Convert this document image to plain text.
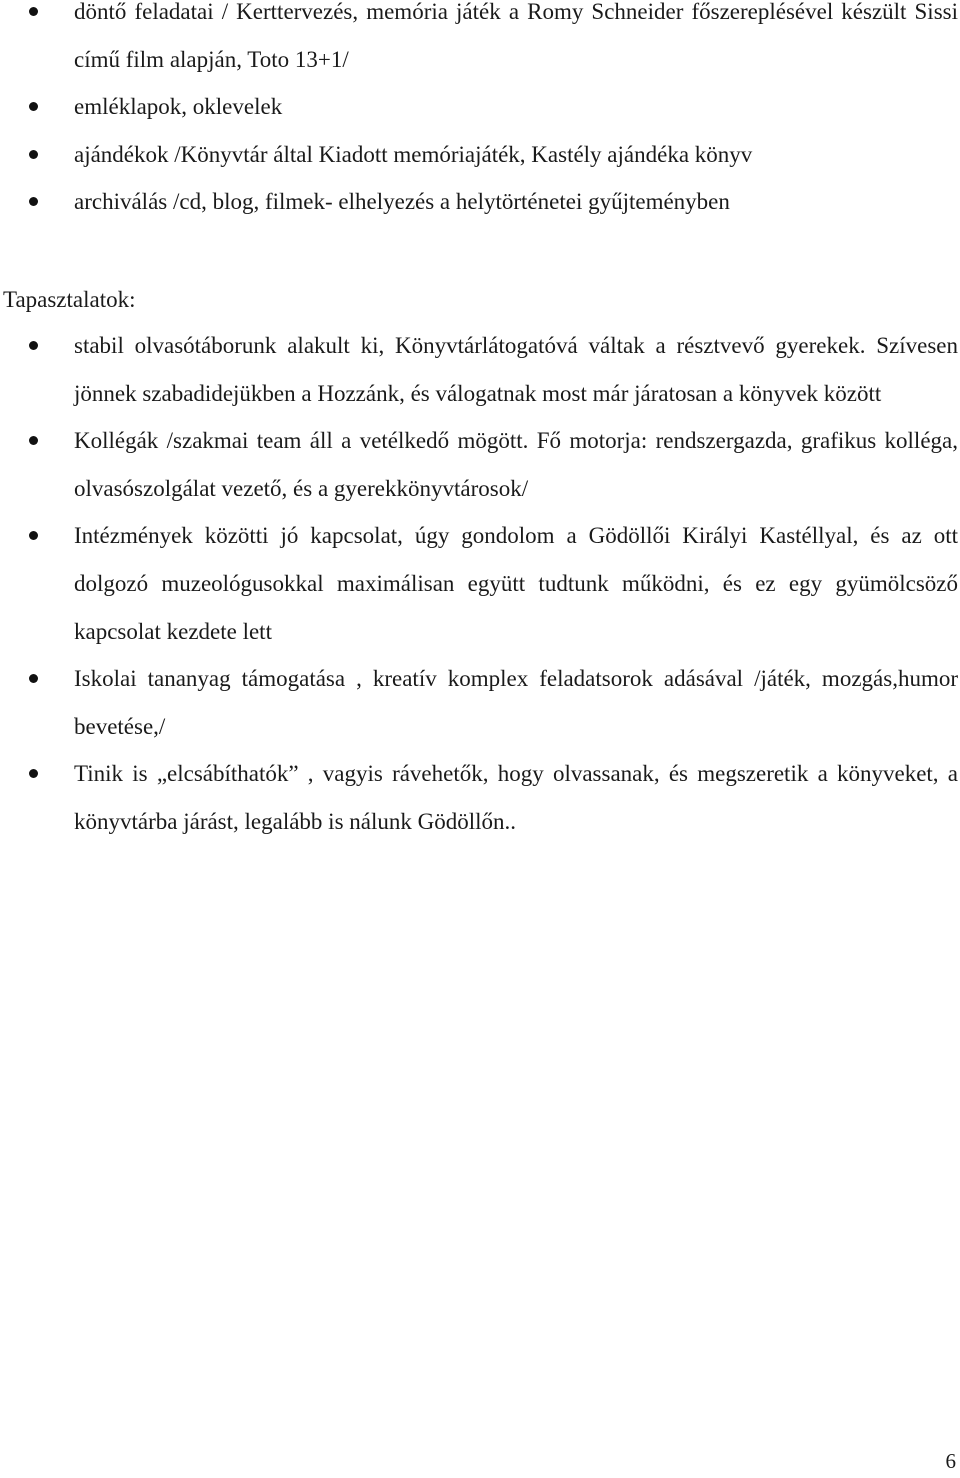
döntő feladatai / Kerttervezés, memória játék a Romy Schneider főszereplésével készült Sissi című film alapján, Toto 13+1/
emléklapok, oklevelek
ajándékok /Könyvtár által Kiadott memóriajáték, Kastély ajándéka könyv
archiválás /cd, blog, filmek- elhelyezés a helytörténetei gyűjteményben

Tapasztalatok:

stabil olvasótáborunk alakult ki, Könyvtárlátogatóvá váltak a résztvevő gyerekek. Szívesen jönnek szabadidejükben a Hozzánk, és válogatnak most már járatosan a könyvek között
Kollégák /szakmai team áll a vetélkedő mögött. Fő motorja: rendszergazda, grafikus kolléga, olvasószolgálat vezető, és a gyerekkönyvtárosok/
Intézmények közötti jó kapcsolat, úgy gondolom a Gödöllői Királyi Kastéllyal, és az ott dolgozó muzeológusokkal maximálisan együtt tudtunk működni, és ez egy gyümölcsöző kapcsolat kezdete lett
Iskolai tananyag támogatása , kreatív komplex feladatsorok adásával /játék, mozgás,humor bevetése,/
Tinik is „elcsábíthatók” , vagyis rávehetők, hogy olvassanak, és megszeretik a könyveket, a könyvtárba járást, legalább is nálunk Gödöllőn..
6
